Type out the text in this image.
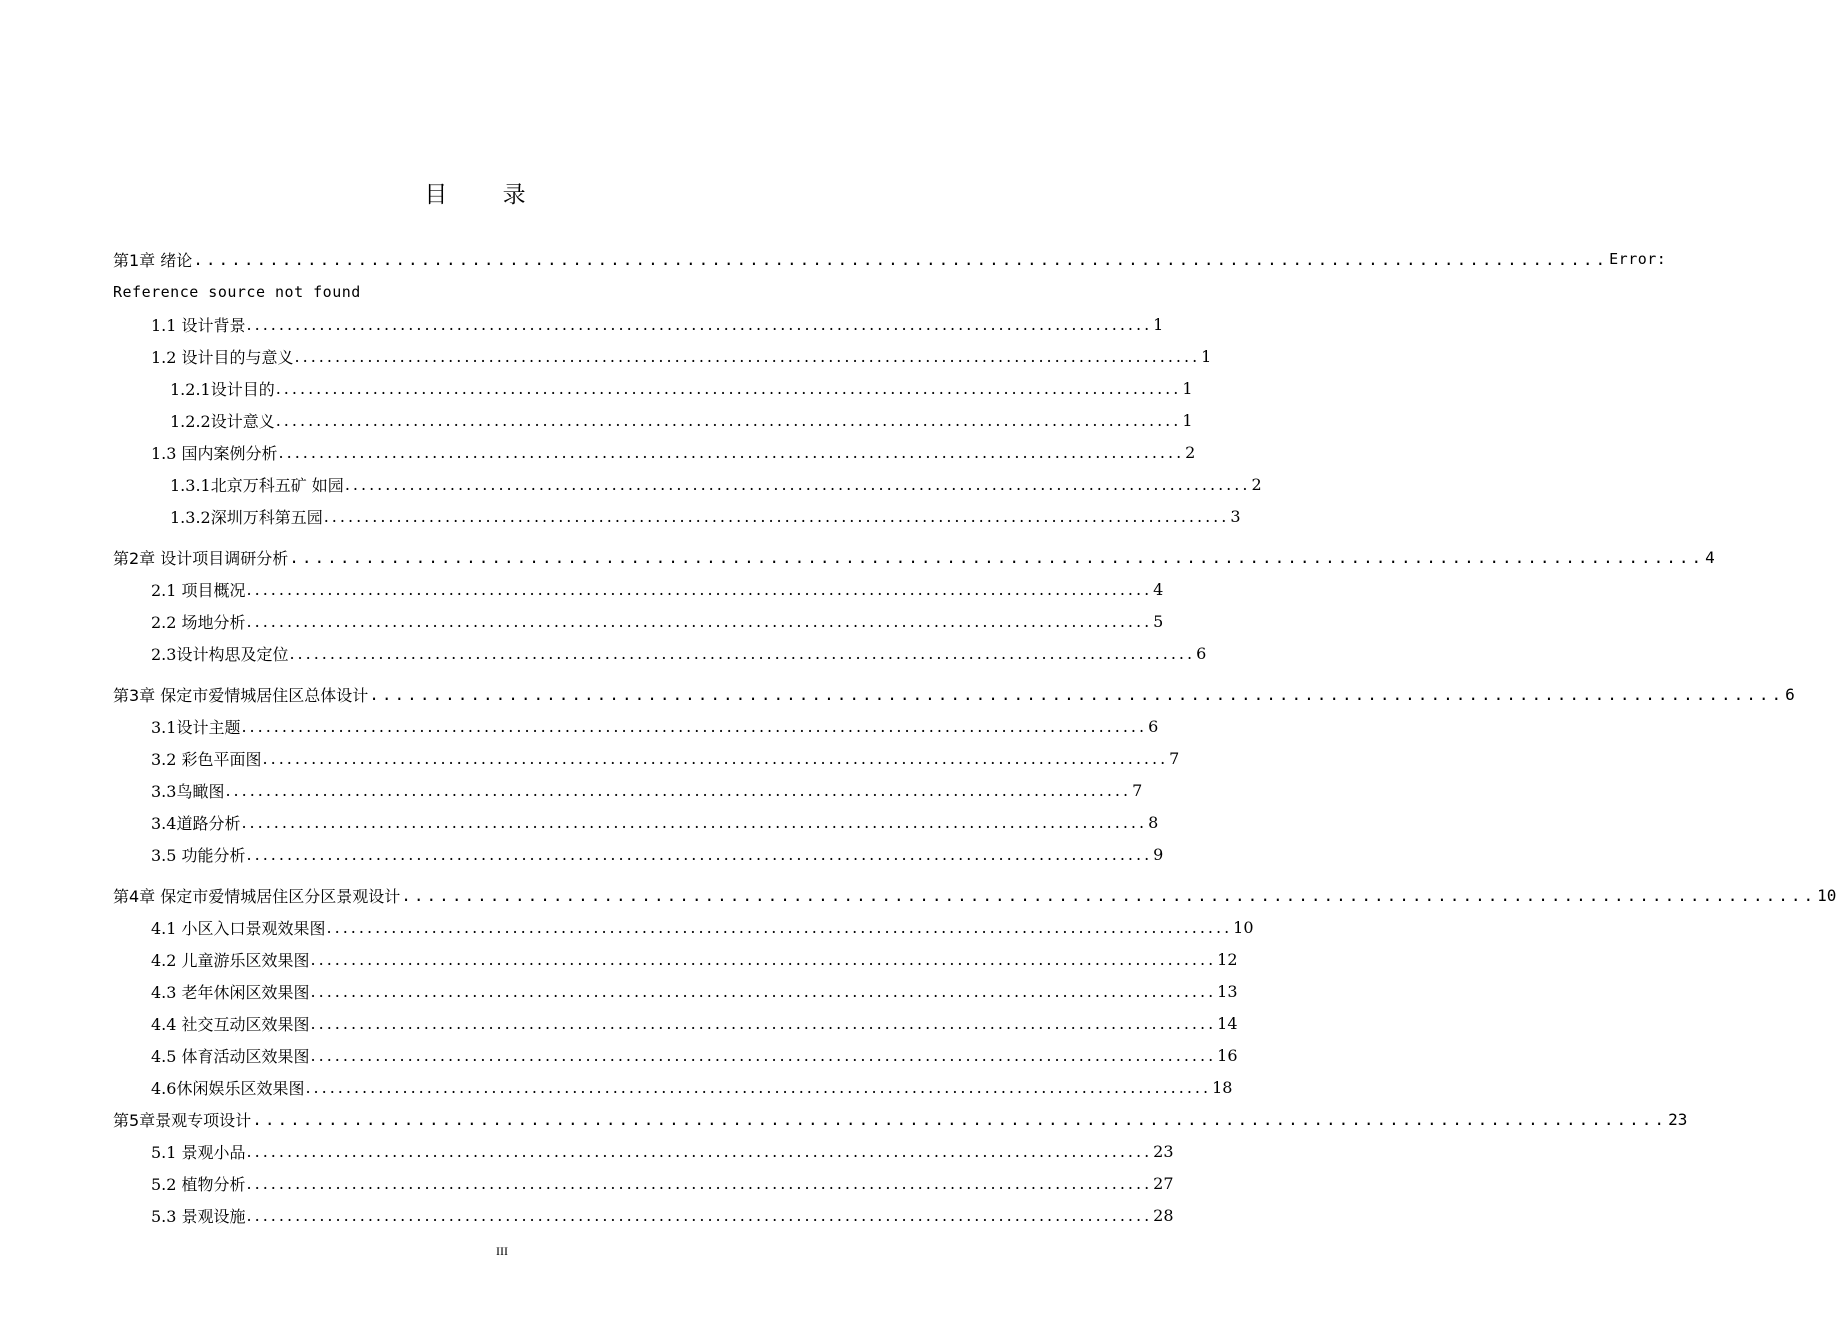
目 录
第1章 绪论 ................................................................................................................ Error:
Reference source not found
1.1 设计背景 ................................................................................................................ 1
1.2 设计目的与意义 ................................................................................................................ 1
1.2.1设计目的 ................................................................................................................ 1
1.2.2设计意义 ................................................................................................................ 1
1.3 国内案例分析 ................................................................................................................ 2
1.3.1北京万科五矿 如园 ................................................................................................................ 2
1.3.2深圳万科第五园 ................................................................................................................ 3
第2章 设计项目调研分析 ................................................................................................................ 4
2.1 项目概况 ................................................................................................................ 4
2.2 场地分析 ................................................................................................................ 5
2.3设计构思及定位 ................................................................................................................ 6
第3章 保定市爱情城居住区总体设计 ................................................................................................................ 6
3.1设计主题 ................................................................................................................ 6
3.2 彩色平面图 ................................................................................................................ 7
3.3鸟瞰图 ................................................................................................................ 7
3.4道路分析 ................................................................................................................ 8
3.5 功能分析 ................................................................................................................ 9
第4章 保定市爱情城居住区分区景观设计 ................................................................................................................ 10
4.1 小区入口景观效果图 ................................................................................................................ 10
4.2 儿童游乐区效果图 ................................................................................................................ 12
4.3 老年休闲区效果图 ................................................................................................................ 13
4.4 社交互动区效果图 ................................................................................................................ 14
4.5 体育活动区效果图 ................................................................................................................ 16
4.6休闲娱乐区效果图 ................................................................................................................ 18
第5章景观专项设计 ................................................................................................................ 23
5.1 景观小品 ................................................................................................................ 23
5.2 植物分析 ................................................................................................................ 27
5.3 景观设施 ................................................................................................................ 28
III
